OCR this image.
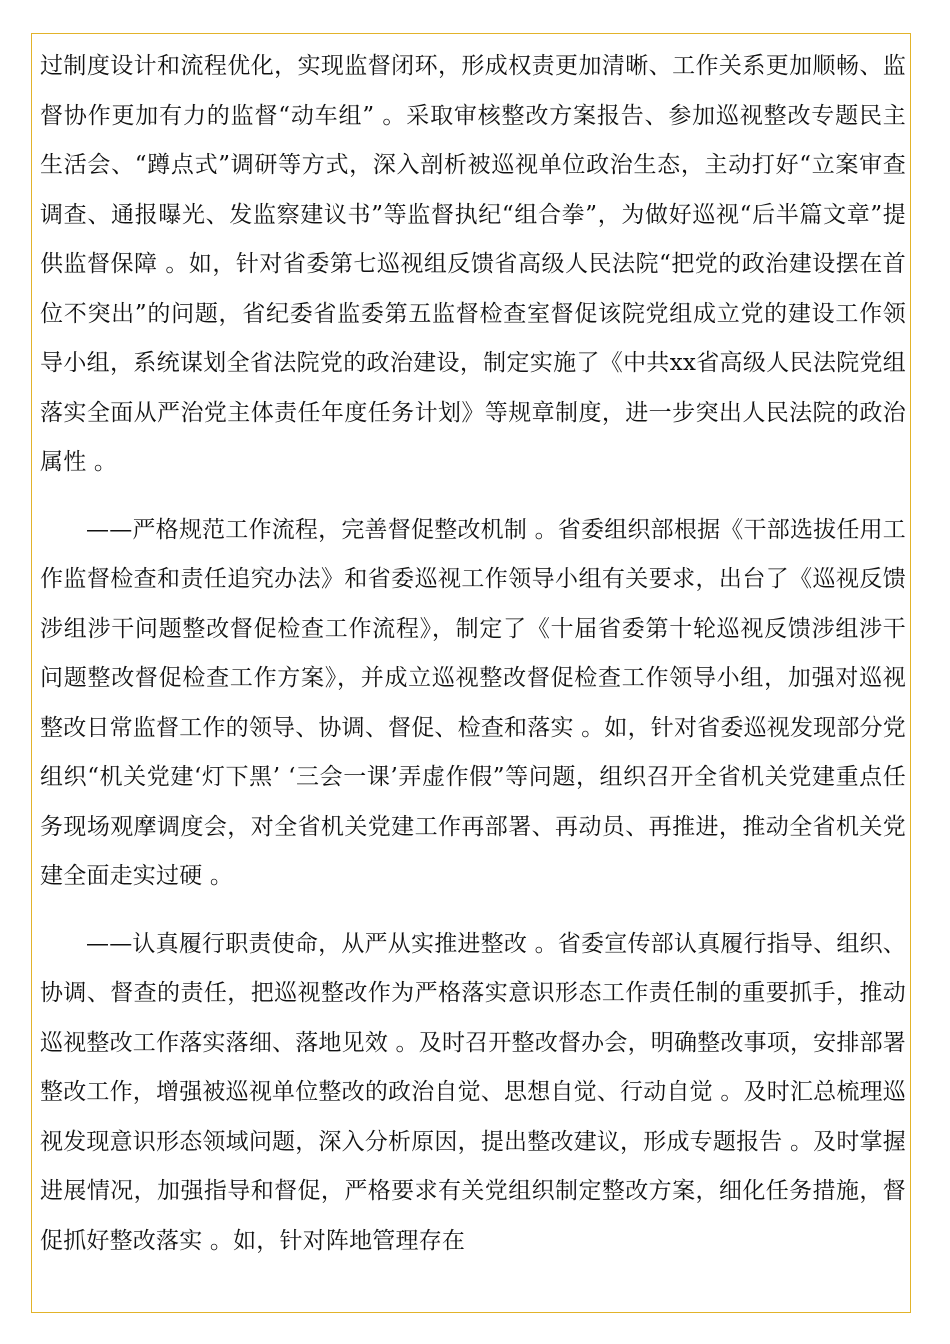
过制度设计和流程优化，实现监督闭环，形成权责更加清晰、工作关系更加顺畅、监督协作更加有力的监督“动车组” 。采取审核整改方案报告、参加巡视整改专题民主生活会、“蹲点式”调研等方式，深入剖析被巡视单位政治生态，主动打好“立案审查调查、通报曝光、发监察建议书”等监督执纪“组合拳”，为做好巡视“后半篇文章”提供监督保障 。如，针对省委第七巡视组反馈省高级人民法院“把党的政治建设摆在首位不突出”的问题，省纪委省监委第五监督检查室督促该院党组成立党的建设工作领导小组，系统谋划全省法院党的政治建设，制定实施了《中共xx省高级人民法院党组落实全面从严治党主体责任年度任务计划》等规章制度，进一步突出人民法院的政治属性 。

——严格规范工作流程，完善督促整改机制 。省委组织部根据《干部选拔任用工作监督检查和责任追究办法》和省委巡视工作领导小组有关要求，出台了《巡视反馈涉组涉干问题整改督促检查工作流程》，制定了《十届省委第十轮巡视反馈涉组涉干问题整改督促检查工作方案》，并成立巡视整改督促检查工作领导小组，加强对巡视整改日常监督工作的领导、协调、督促、检查和落实 。如，针对省委巡视发现部分党组织“机关党建‘灯下黑’ ‘三会一课’弄虚作假”等问题，组织召开全省机关党建重点任务现场观摩调度会，对全省机关党建工作再部署、再动员、再推进，推动全省机关党建全面走实过硬 。

——认真履行职责使命，从严从实推进整改 。省委宣传部认真履行指导、组织、协调、督查的责任，把巡视整改作为严格落实意识形态工作责任制的重要抓手，推动巡视整改工作落实落细、落地见效 。及时召开整改督办会，明确整改事项，安排部署整改工作，增强被巡视单位整改的政治自觉、思想自觉、行动自觉 。及时汇总梳理巡视发现意识形态领域问题，深入分析原因，提出整改建议，形成专题报告 。及时掌握进展情况，加强指导和督促，严格要求有关党组织制定整改方案，细化任务措施，督促抓好整改落实 。如，针对阵地管理存在
